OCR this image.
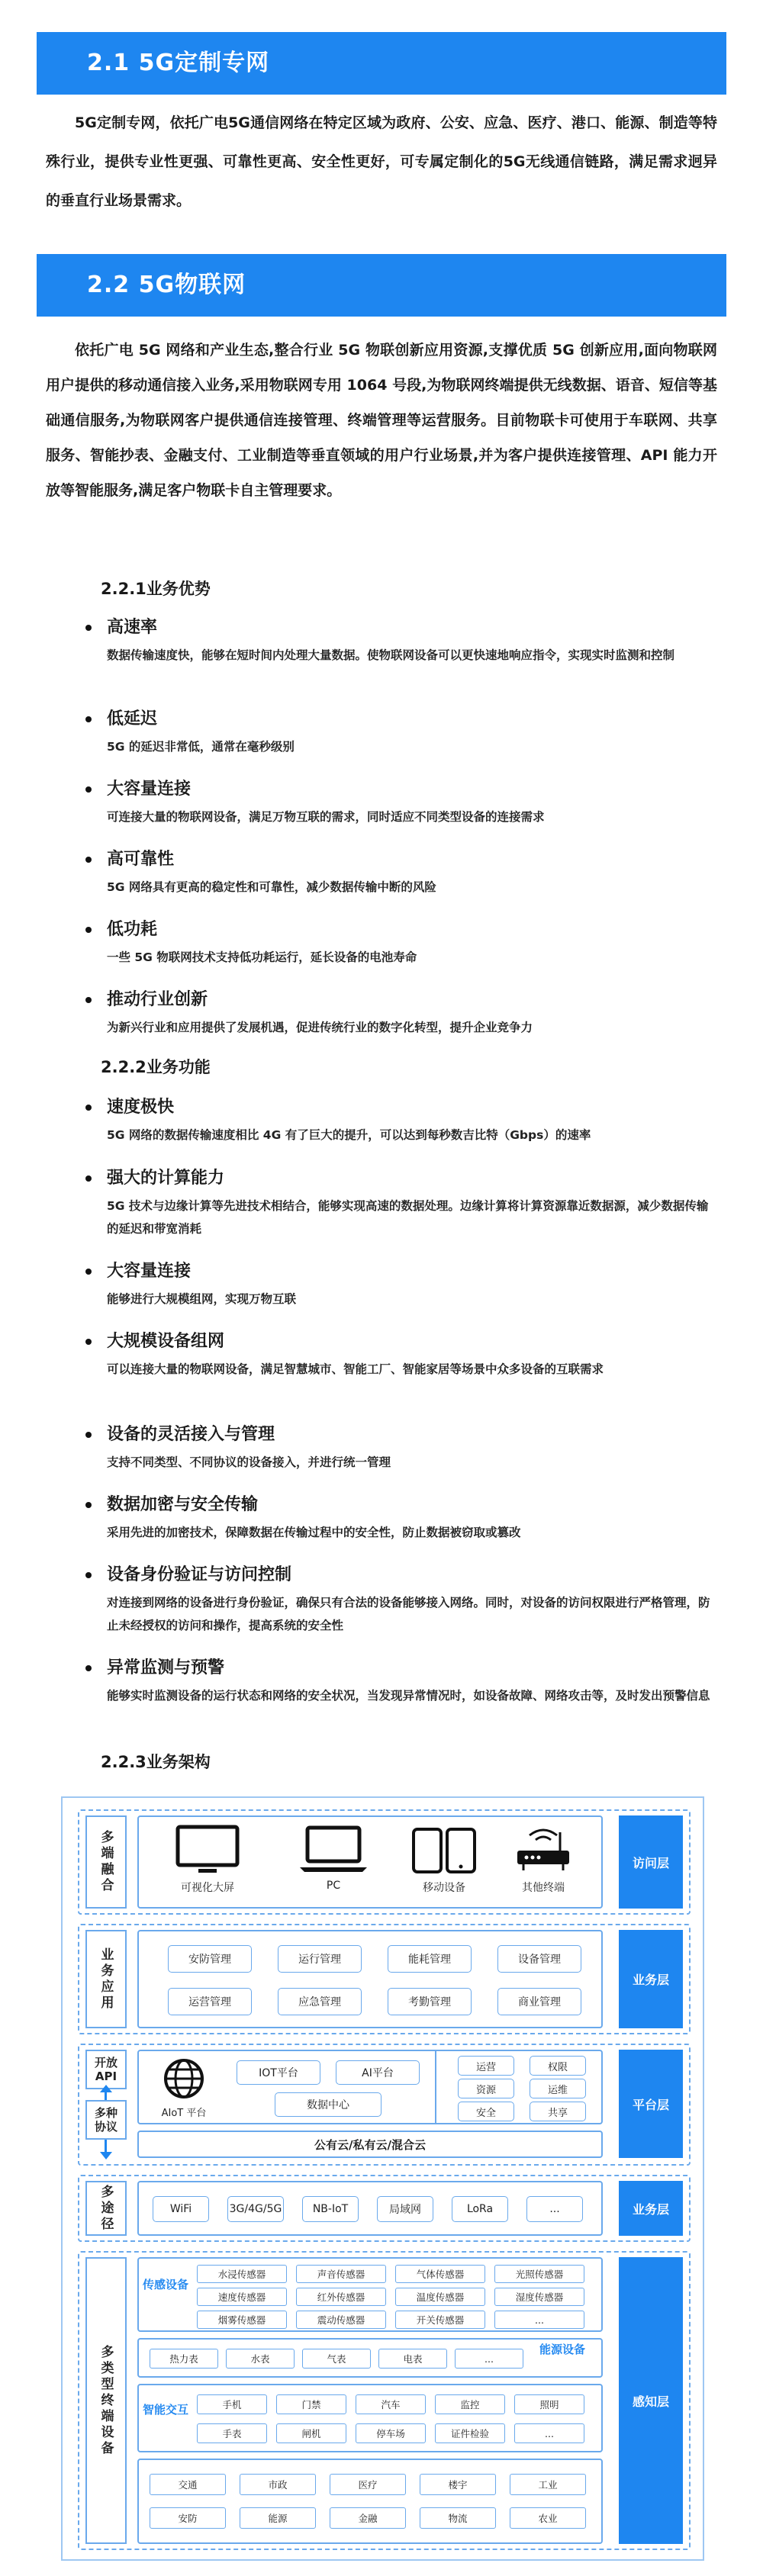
2.1 5G定制专网
5G定制专网，依托广电5G通信网络在特定区域为政府、公安、应急、医疗、港口、能源、制造等特殊行业，提供专业性更强、可靠性更高、安全性更好，可专属定制化的5G无线通信链路，满足需求迥异的垂直行业场景需求。
2.2 5G物联网
依托广电 5G 网络和产业生态,整合行业 5G 物联创新应用资源,支撑优质 5G 创新应用,面向物联网用户提供的移动通信接入业务,采用物联网专用 1064 号段,为物联网终端提供无线数据、语音、短信等基础通信服务,为物联网客户提供通信连接管理、终端管理等运营服务。目前物联卡可使用于车联网、共享服务、智能抄表、金融支付、工业制造等垂直领域的用户行业场景,并为客户提供连接管理、API 能力开放等智能服务,满足客户物联卡自主管理要求。
2.2.1业务优势
高速率
数据传输速度快，能够在短时间内处理大量数据。使物联网设备可以更快速地响应指令，实现实时监测和控制
低延迟
5G 的延迟非常低，通常在毫秒级别
大容量连接
可连接大量的物联网设备，满足万物互联的需求，同时适应不同类型设备的连接需求
高可靠性
5G 网络具有更高的稳定性和可靠性，减少数据传输中断的风险
低功耗
一些 5G 物联网技术支持低功耗运行，延长设备的电池寿命
推动行业创新
为新兴行业和应用提供了发展机遇，促进传统行业的数字化转型，提升企业竞争力
2.2.2业务功能
速度极快
5G 网络的数据传输速度相比 4G 有了巨大的提升，可以达到每秒数吉比特（Gbps）的速率
强大的计算能力
5G 技术与边缘计算等先进技术相结合，能够实现高速的数据处理。边缘计算将计算资源靠近数据源，减少数据传输的延迟和带宽消耗
大容量连接
能够进行大规模组网，实现万物互联
大规模设备组网
可以连接大量的物联网设备，满足智慧城市、智能工厂、智能家居等场景中众多设备的互联需求
设备的灵活接入与管理
支持不同类型、不同协议的设备接入，并进行统一管理
数据加密与安全传输
采用先进的加密技术，保障数据在传输过程中的安全性，防止数据被窃取或篡改
设备身份验证与访问控制
对连接到网络的设备进行身份验证，确保只有合法的设备能够接入网络。同时，对设备的访问权限进行严格管理，防止未经授权的访问和操作，提高系统的安全性
异常监测与预警
能够实时监测设备的运行状态和网络的安全状况，当发现异常情况时，如设备故障、网络攻击等，及时发出预警信息
2.2.3业务架构
多端融合	可视化大屏	PC	移动设备	其他终端
访问层
业务应用	安防管理	运行管理	能耗管理	设备管理
运营管理	应急管理	考勤管理	商业管理
业务层
开放API
多种协议
AIoT 平台
IOT平台	AI平台
数据中心
运营	权限
资源	运维
安全	共享
公有云/私有云/混合云
平台层
多途径	WiFi	3G/4G/5G	NB-IoT	局域网	LoRa	...	业务层
多类型终端设备
传感设备
水浸传感器	声音传感器	气体传感器	光照传感器
速度传感器	红外传感器	温度传感器	湿度传感器
烟雾传感器	震动传感器	开关传感器	...
热力表	水表	气表	电表	...
能源设备
智能交互	手机	门禁	汽车	监控	照明
手表	闸机	停车场	证件检验	...
交通	市政	医疗	楼宇	工业
安防	能源	金融	物流	农业
感知层
